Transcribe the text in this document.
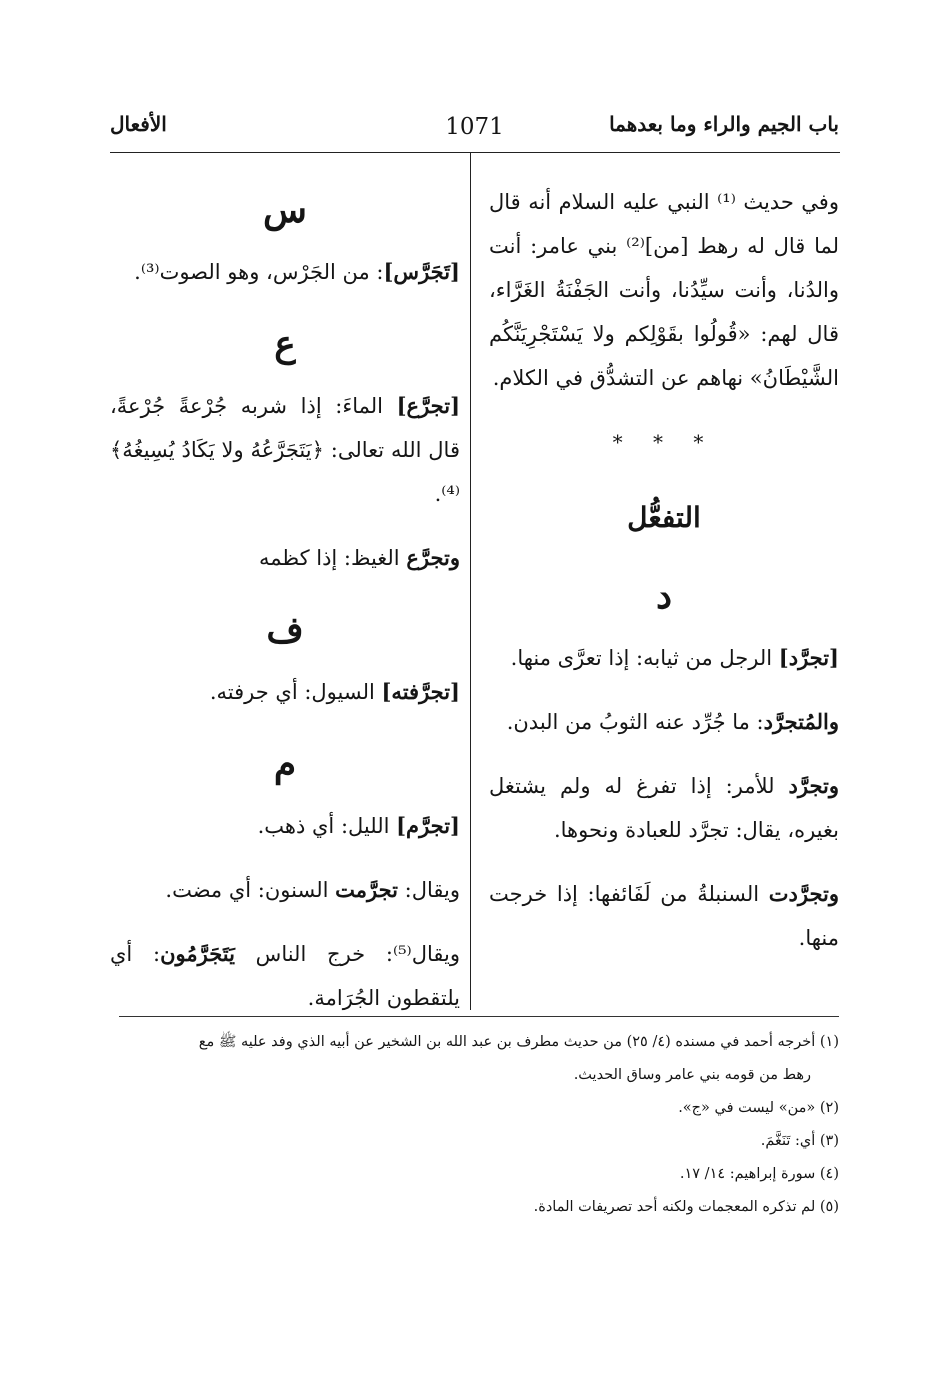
باب الجيم والراء وما بعدهما
1071
الأفعال

وفي حديث ⁽¹⁾ النبي عليه السلام أنه قال لما قال له رهط [من]⁽²⁾ بني عامر: أنت والدُنا، وأنت سيِّدُنا، وأنت الجَفْنَةُ الغَرَّاء، قال لهم: «قُولُوا بقَوْلِكم ولا يَسْتَجْرِيَنَّكُم الشَّيْطَانُ» نهاهم عن التشدُّق في الكلام.

* * *
التفعُّل
د

[تجرَّد] الرجل من ثيابه: إذا تعرَّى منها.

والمُتجرَّد: ما جُرِّد عنه الثوبُ من البدن.

وتجرَّد للأمر: إذا تفرغ له ولم يشتغل بغيره، يقال: تجرَّد للعبادة ونحوها.

وتجرَّدت السنبلةُ من لَفَائفها: إذا خرجت منها.

س

[تَجَرَّس]: من الجَرْس، وهو الصوت⁽³⁾.

ع

[تجرَّع] الماءَ: إذا شربه جُرْعةً جُرْعةً، قال الله تعالى: ﴿يَتَجَرَّعُهُ ولا يَكَادُ يُسِيغُهُ﴾⁽⁴⁾.

وتجرَّع الغيظ: إذا كظمه

ف

[تجرَّفته] السيول: أي جرفته.

م

[تجرَّم] الليل: أي ذهب.

ويقال: تجرَّمت السنون: أي مضت.

ويقال⁽⁵⁾: خرج الناس يَتَجَرَّمُون: أي يلتقطون الجُرَامة.

(١) أخرجه أحمد في مسنده (٤/ ٢٥) من حديث مطرف بن عبد الله بن الشخير عن أبيه الذي وفد عليه ﷺ مع

رهط من قومه بني عامر وساق الحديث.

(٢) «من» ليست في «ج».

(٣) أي: تَنَغَّمَ.

(٤) سورة إبراهيم: ١٤/ ١٧.

(٥) لم تذكره المعجمات ولكنه أحد تصريفات المادة.
